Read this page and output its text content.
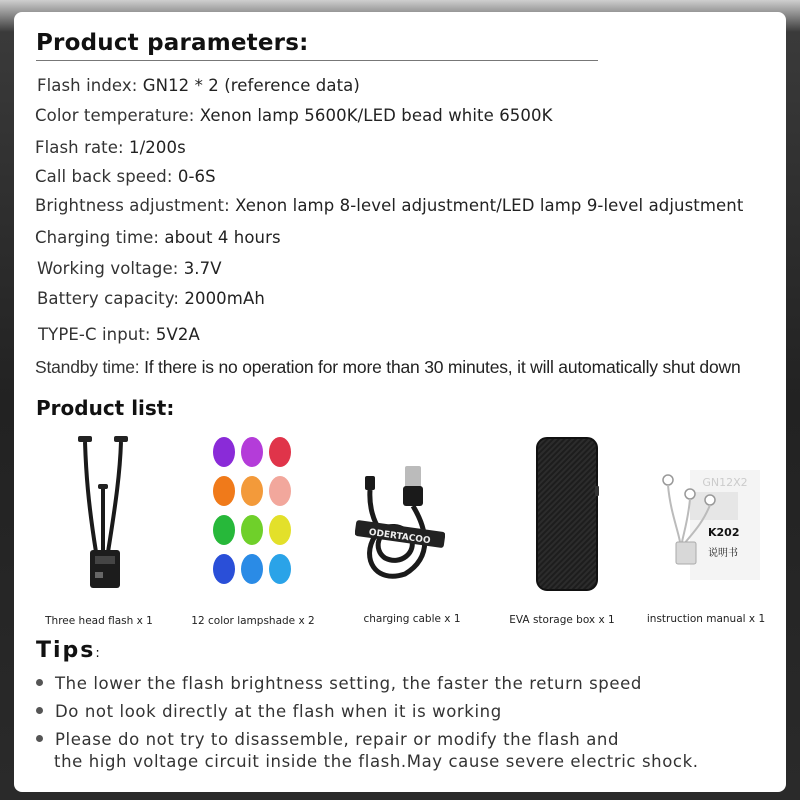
Product parameters:
Flash index: GN12 * 2 (reference data)
Color temperature: Xenon lamp 5600K/LED bead white 6500K
Flash rate: 1/200s
Call back speed: 0-6S
Brightness adjustment: Xenon lamp 8-level adjustment/LED lamp 9-level adjustment
Charging time: about 4 hours
Working voltage: 3.7V
Battery capacity: 2000mAh
TYPE-C input: 5V2A
Standby time: If there is no operation for more than 30 minutes, it will automatically shut down
Product list:
ODERTACOO
GN12X2
K202
说明书
Three head flash x 1	12 color lampshade x 2	charging cable x 1	EVA storage box x 1	instruction manual x 1
Tips:
The lower the flash brightness setting, the faster the return speed
Do not look directly at the flash when it is working
Please do not try to disassemble, repair or modify the flash and
the high voltage circuit inside the flash.May cause severe electric shock.
